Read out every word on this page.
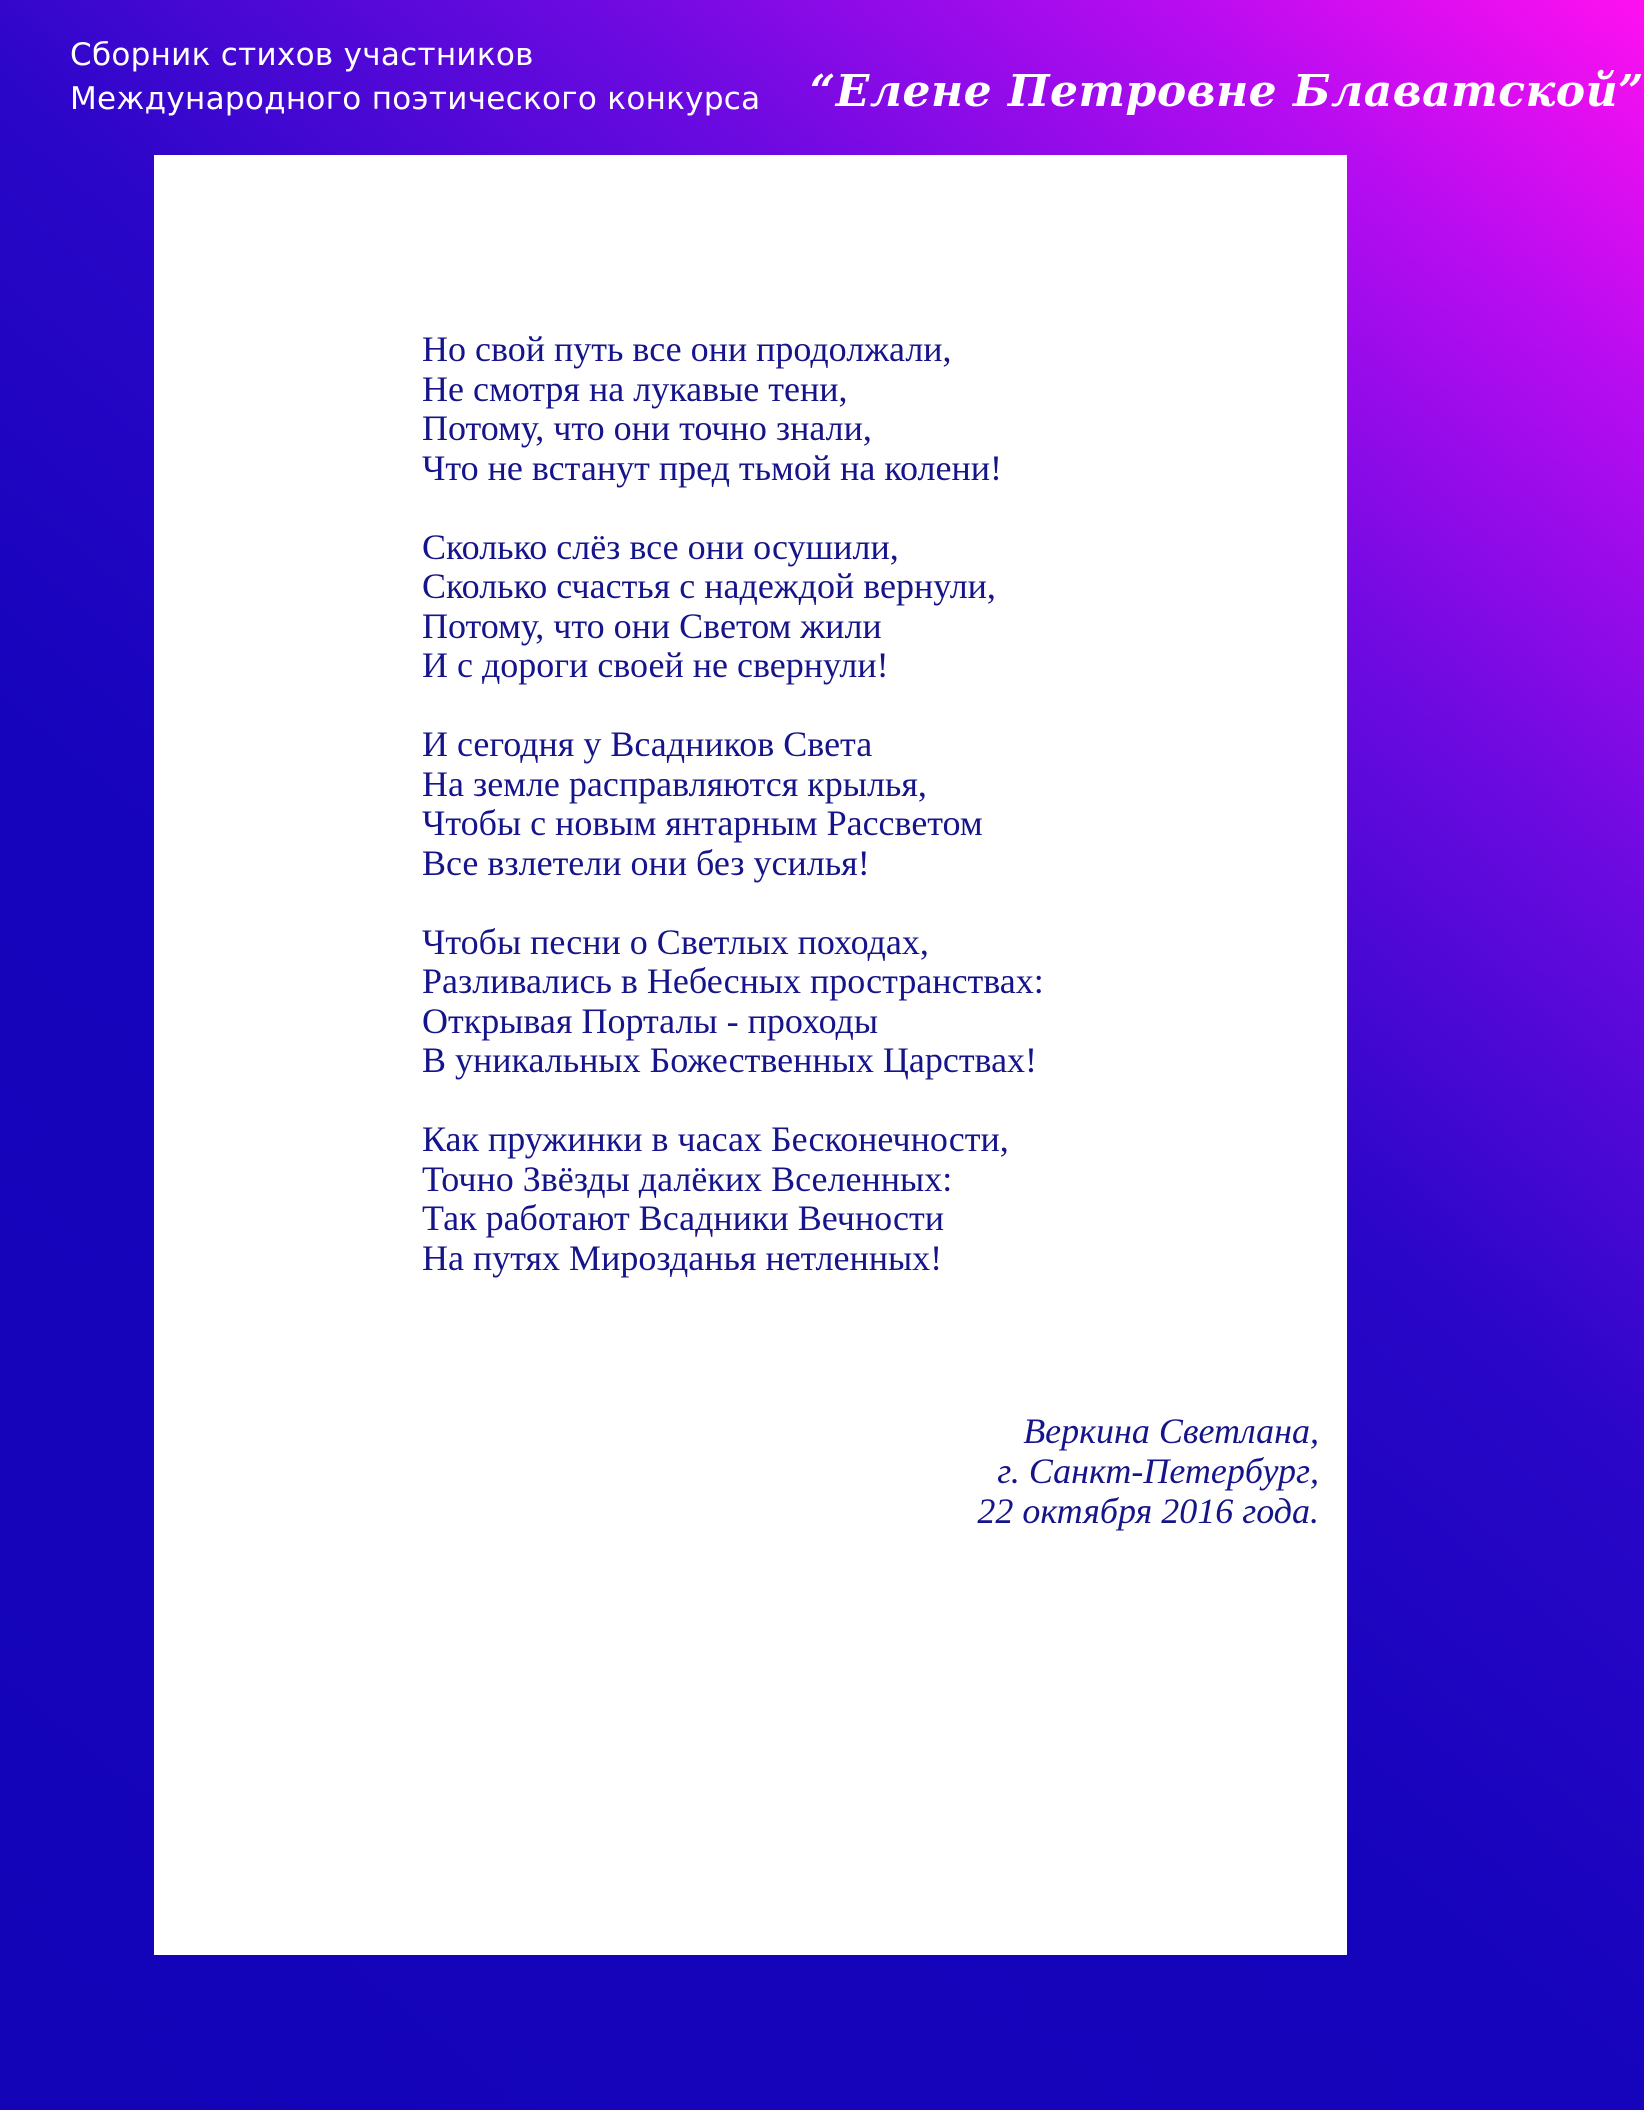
Сборник стихов участников
Международного поэтического конкурса “Елене Петровне Блаватской”
Но свой путь все они продолжали,
Не смотря на лукавые тени,
Потому, что они точно знали,
Что не встанут пред тьмой на колени!
Сколько слёз все они осушили,
Сколько счастья с надеждой вернули,
Потому, что они Светом жили
И с дороги своей не свернули!
И сегодня у Всадников Света
На земле расправляются крылья,
Чтобы с новым янтарным Рассветом
Все взлетели они без усилья!
Чтобы песни о Светлых походах,
Разливались в Небесных пространствах:
Открывая Порталы - проходы
В уникальных Божественных Царствах!
Как пружинки в часах Бесконечности,
Точно Звёзды далёких Вселенных:
Так работают Всадники Вечности
На путях Мирозданья нетленных!
Веркина Светлана,
г. Санкт-Петербург,
22 октября 2016 года.
